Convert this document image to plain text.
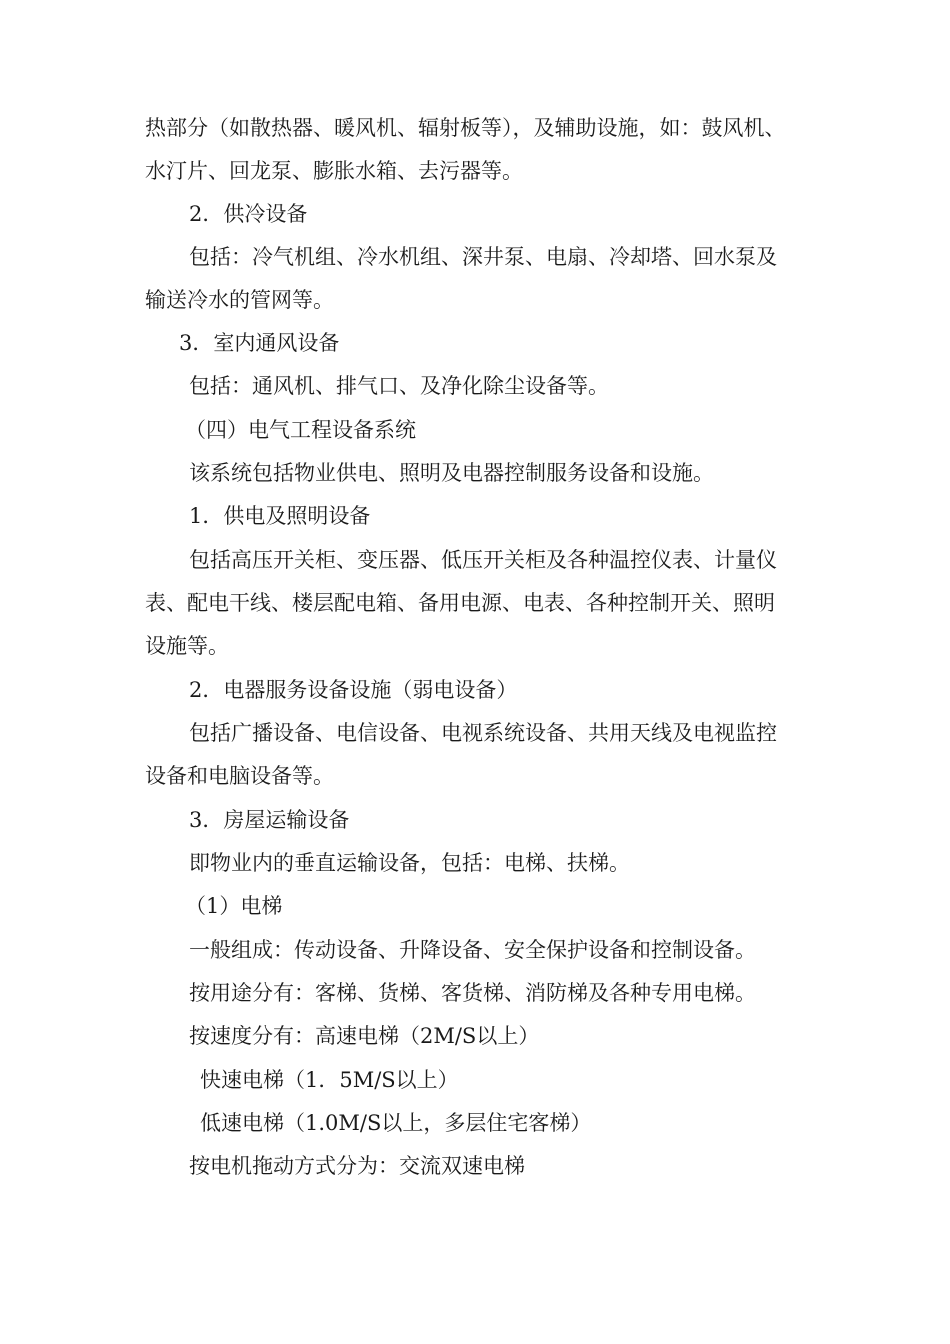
热部分（如散热器、暖风机、辐射板等），及辅助设施，如：鼓风机、
水汀片、回龙泵、膨胀水箱、去污器等。
2．供冷设备
包括：冷气机组、冷水机组、深井泵、电扇、冷却塔、回水泵及
输送冷水的管网等。
3．室内通风设备
包括：通风机、排气口、及净化除尘设备等。
（四）电气工程设备系统
该系统包括物业供电、照明及电器控制服务设备和设施。
1．供电及照明设备
包括高压开关柜、变压器、低压开关柜及各种温控仪表、计量仪
表、配电干线、楼层配电箱、备用电源、电表、各种控制开关、照明
设施等。
2．电器服务设备设施（弱电设备）
包括广播设备、电信设备、电视系统设备、共用天线及电视监控
设备和电脑设备等。
3．房屋运输设备
即物业内的垂直运输设备，包括：电梯、扶梯。
（1）电梯
一般组成：传动设备、升降设备、安全保护设备和控制设备。
按用途分有：客梯、货梯、客货梯、消防梯及各种专用电梯。
按速度分有：高速电梯（2M/S以上）
快速电梯（1．5M/S以上）
低速电梯（1.0M/S以上，多层住宅客梯）
按电机拖动方式分为：交流双速电梯
